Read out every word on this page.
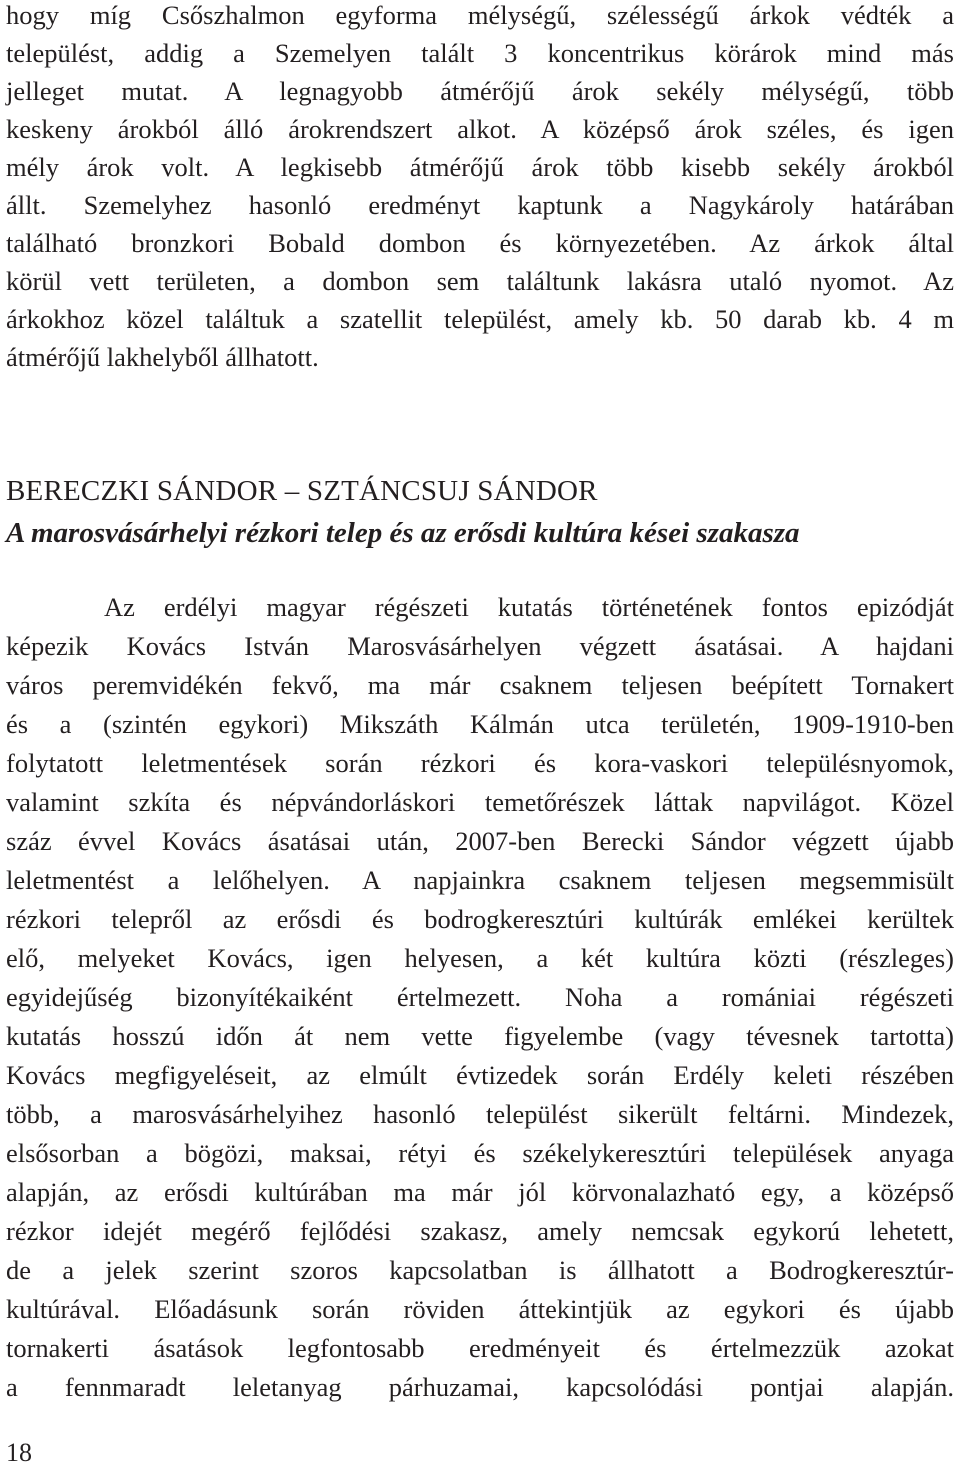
hogy míg Csőszhalmon egyforma mélységű, szélességű árkok védték a
települést, addig a Szemelyen talált 3 koncentrikus körárok mind más
jelleget mutat. A legnagyobb átmérőjű árok sekély mélységű, több
keskeny árokból álló árokrendszert alkot. A középső árok széles, és igen
mély árok volt. A legkisebb átmérőjű árok több kisebb sekély árokból
állt. Szemelyhez hasonló eredményt kaptunk a Nagykároly határában
található bronzkori Bobald dombon és környezetében. Az árkok által
körül vett területen, a dombon sem találtunk lakásra utaló nyomot. Az
árkokhoz közel találtuk a szatellit települést, amely kb. 50 darab kb. 4 m
átmérőjű lakhelyből állhatott.
BERECZKI SÁNDOR – SZTÁNCSUJ SÁNDOR
A marosvásárhelyi rézkori telep és az erősdi kultúra kései szakasza
Az erdélyi magyar régészeti kutatás történetének fontos epizódját
képezik Kovács István Marosvásárhelyen végzett ásatásai. A hajdani
város peremvidékén fekvő, ma már csaknem teljesen beépített Tornakert
és a (szintén egykori) Mikszáth Kálmán utca területén, 1909-1910-ben
folytatott leletmentések során rézkori és kora-vaskori településnyomok,
valamint szkíta és népvándorláskori temetőrészek láttak napvilágot. Közel
száz évvel Kovács ásatásai után, 2007-ben Berecki Sándor végzett újabb
leletmentést a lelőhelyen. A napjainkra csaknem teljesen megsemmisült
rézkori telepről az erősdi és bodrogkeresztúri kultúrák emlékei kerültek
elő, melyeket Kovács, igen helyesen, a két kultúra közti (részleges)
egyidejűség bizonyítékaiként értelmezett. Noha a romániai régészeti
kutatás hosszú időn át nem vette figyelembe (vagy tévesnek tartotta)
Kovács megfigyeléseit, az elmúlt évtizedek során Erdély keleti részében
több, a marosvásárhelyihez hasonló települést sikerült feltárni. Mindezek,
elsősorban a bögözi, maksai, rétyi és székelykeresztúri települések anyaga
alapján, az erősdi kultúrában ma már jól körvonalazható egy, a középső
rézkor idejét megérő fejlődési szakasz, amely nemcsak egykorú lehetett,
de a jelek szerint szoros kapcsolatban is állhatott a Bodrogkeresztúr-
kultúrával. Előadásunk során röviden áttekintjük az egykori és újabb
tornakerti ásatások legfontosabb eredményeit és értelmezzük azokat
a fennmaradt leletanyag párhuzamai, kapcsolódási pontjai alapján.
18
